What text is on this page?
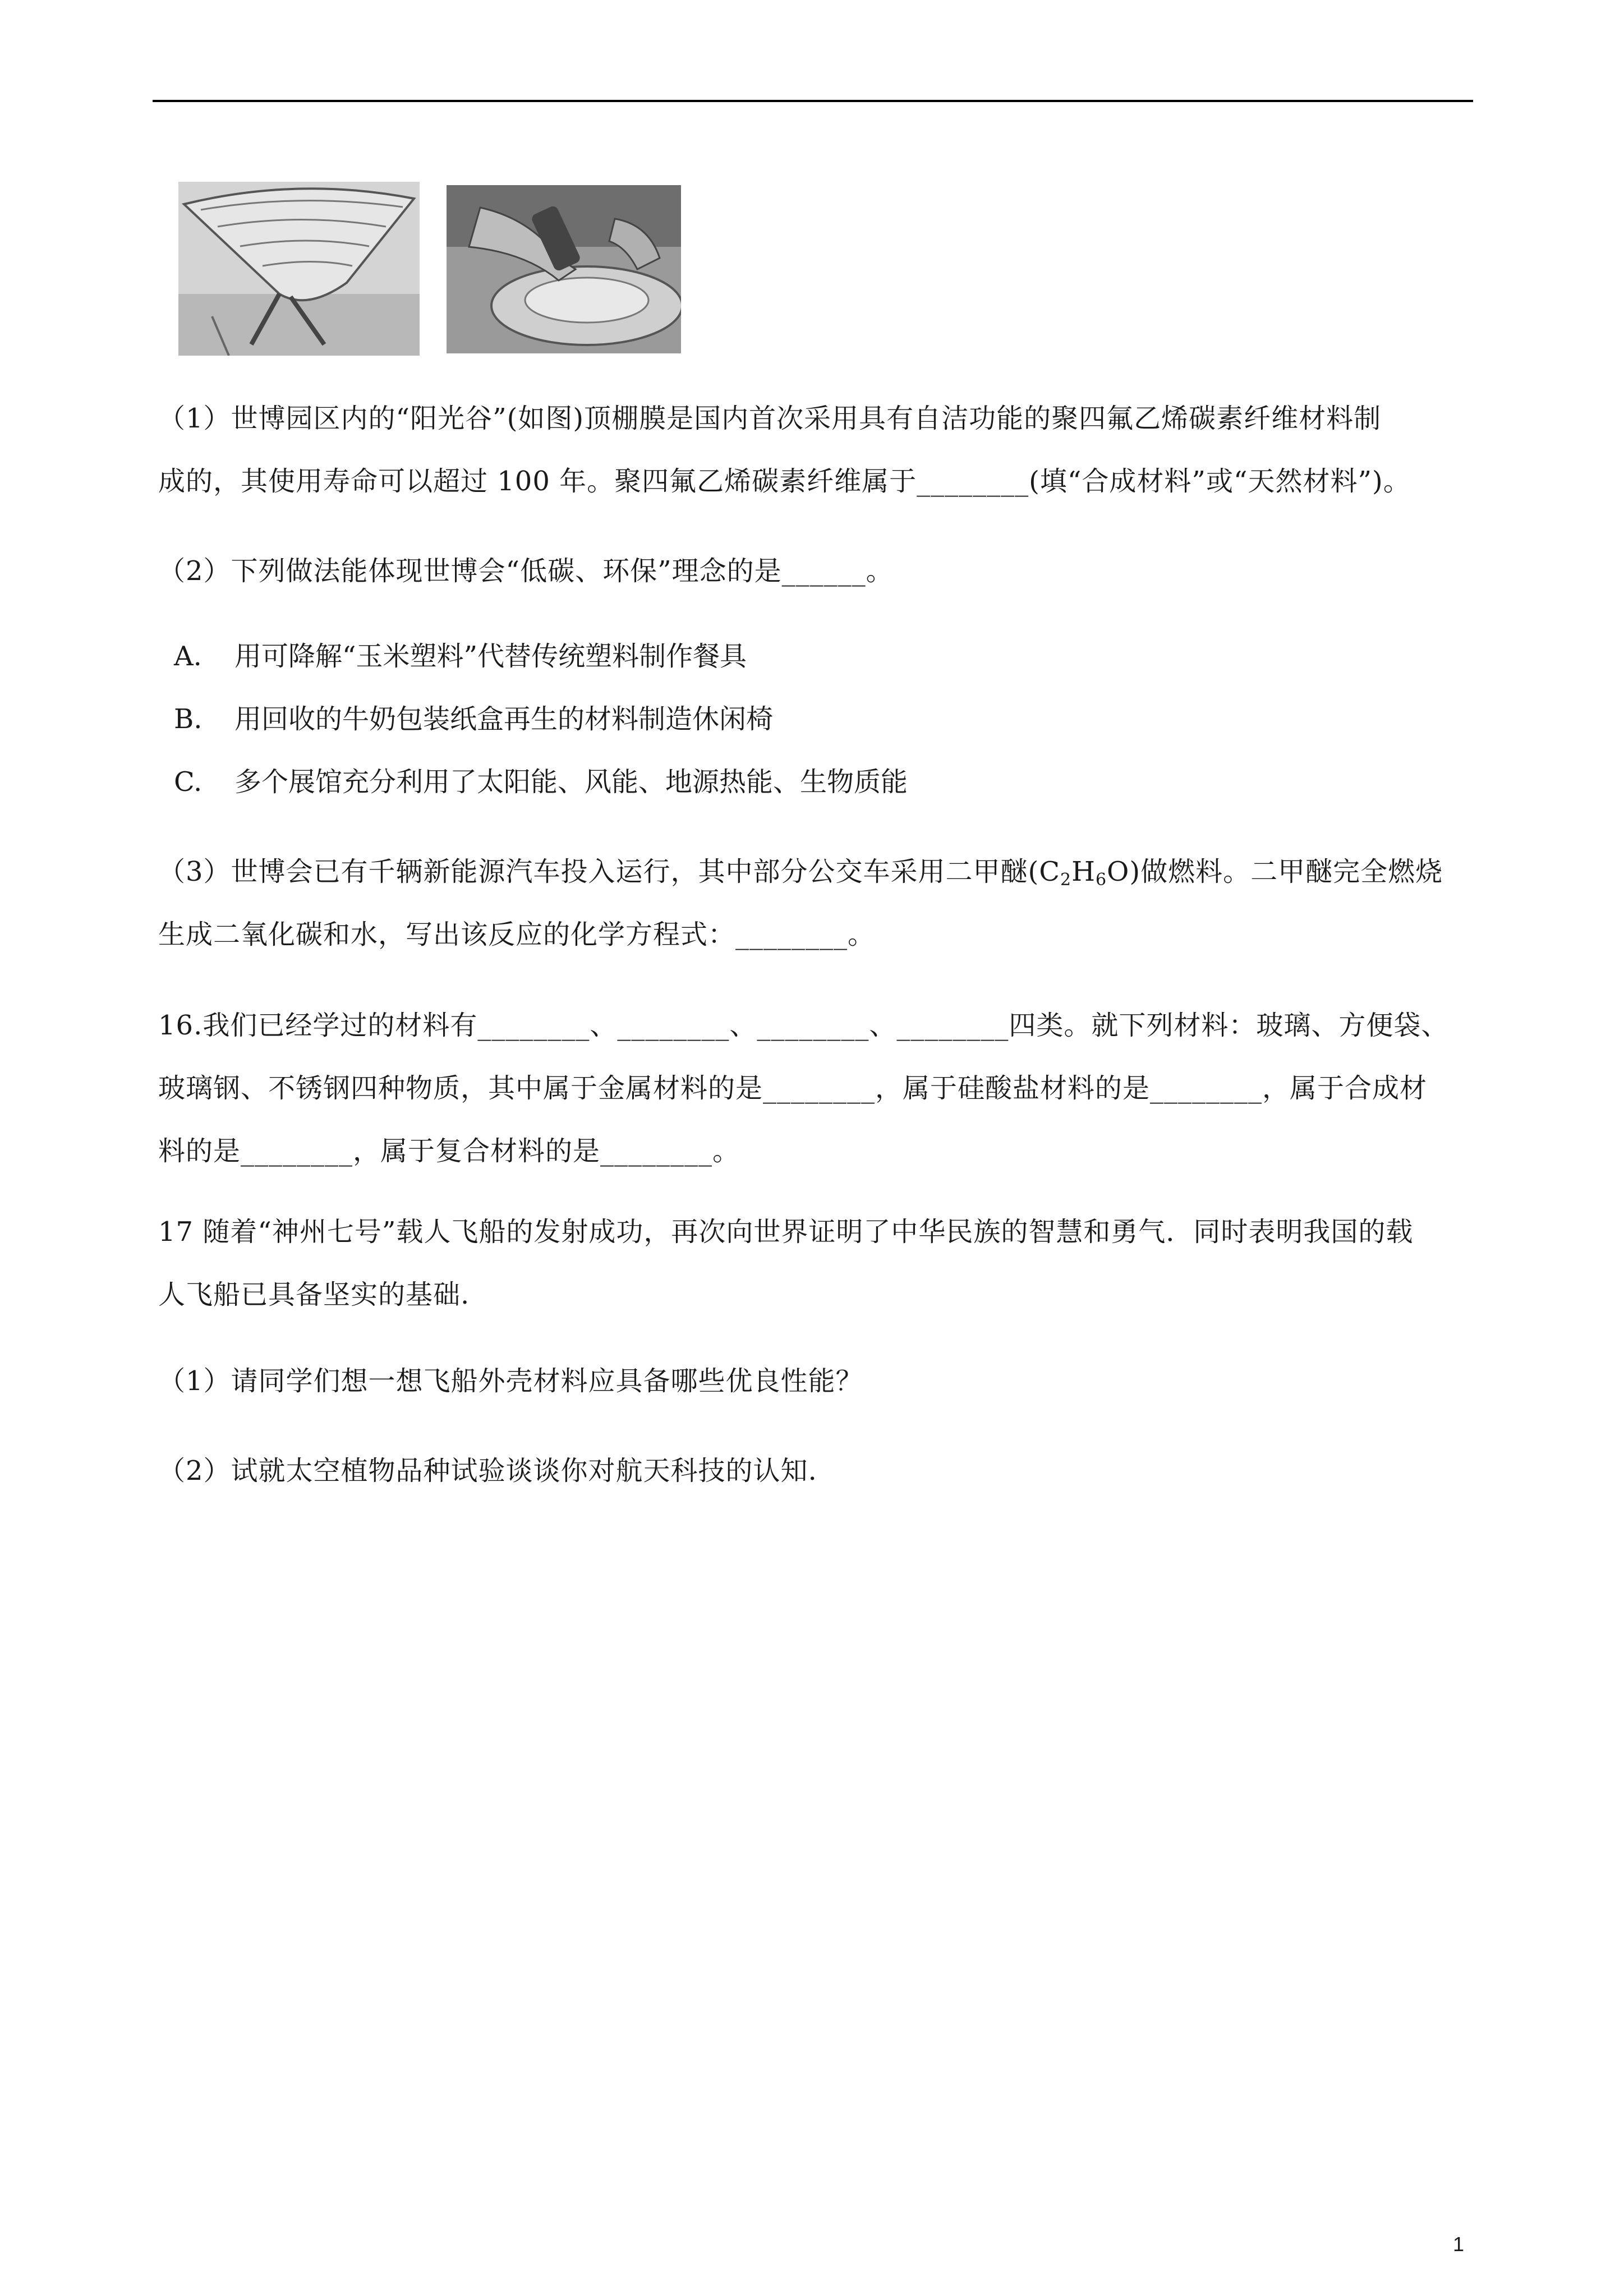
（1）世博园区内的“阳光谷”(如图)顶棚膜是国内首次采用具有自洁功能的聚四氟乙烯碳素纤维材料制
成的，其使用寿命可以超过 100 年。聚四氟乙烯碳素纤维属于________(填“合成材料”或“天然材料”)。
（2）下列做法能体现世博会“低碳、环保”理念的是______。
A. 用可降解“玉米塑料”代替传统塑料制作餐具
B. 用回收的牛奶包装纸盒再生的材料制造休闲椅
C. 多个展馆充分利用了太阳能、风能、地源热能、生物质能
（3）世博会已有千辆新能源汽车投入运行，其中部分公交车采用二甲醚$(C_2H_6O)$做燃料。二甲醚完全燃烧
生成二氧化碳和水，写出该反应的化学方程式：________。
16.我们已经学过的材料有________、________、________、________四类。就下列材料：玻璃、方便袋、
玻璃钢、不锈钢四种物质，其中属于金属材料的是________，属于硅酸盐材料的是________，属于合成材
料的是________，属于复合材料的是________。
17 随着“神州七号”载人飞船的发射成功，再次向世界证明了中华民族的智慧和勇气．同时表明我国的载
人飞船已具备坚实的基础.
（1）请同学们想一想飞船外壳材料应具备哪些优良性能？
（2）试就太空植物品种试验谈谈你对航天科技的认知.
1
